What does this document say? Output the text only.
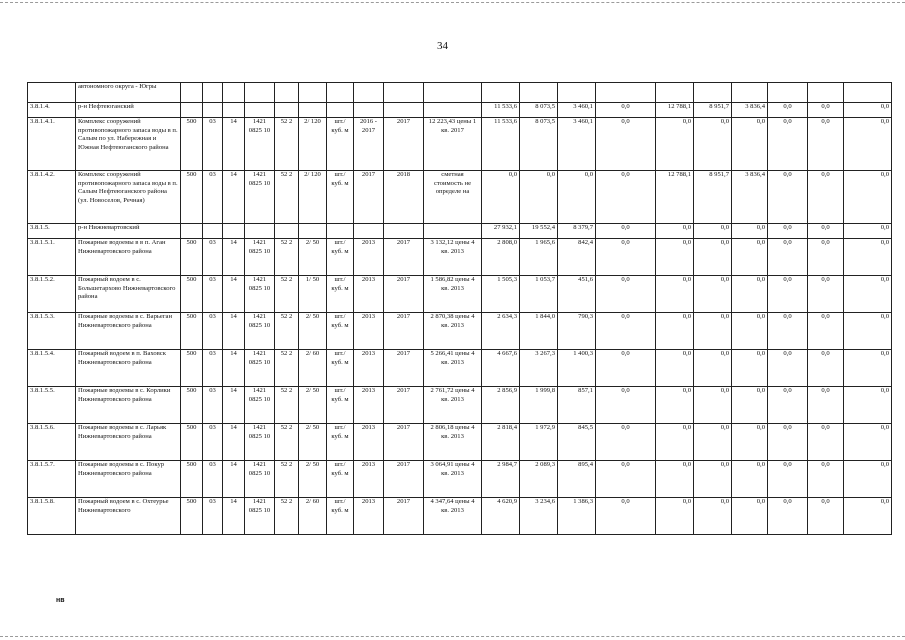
34
	автономного округа - Югры																				
3.8.1.4.	р-н Нефтеюганский											11 533,6	8 073,5	3 460,1	0,0	12 788,1	8 951,7	3 836,4	0,0	0,0	0,0
3.8.1.4.1.	Комплекс сооружений противопожарного запаса воды в п. Салым по ул. Набережная и Южная Нефтеюганского района	500	03	14	1421 0825 10	52 2	2/ 120	шт./ куб. м	2016 - 2017	2017	12 223,43 цены 1 кв. 2017	11 533,6	8 073,5	3 460,1	0,0	0,0	0,0	0,0	0,0	0,0	0,0
3.8.1.4.2.	Комплекс сооружений противопожарного запаса воды в п. Салым Нефтеюганского района (ул. Новоселов, Речная)	500	03	14	1421 0825 10	52 2	2/ 120	шт./ куб. м	2017	2018	сметная стоимость не определе на	0,0	0,0	0,0	0,0	12 788,1	8 951,7	3 836,4	0,0	0,0	0,0
3.8.1.5.	р-н Нижневартовский											27 932,1	19 552,4	8 379,7	0,0	0,0	0,0	0,0	0,0	0,0	0,0
3.8.1.5.1.	Пожарные водоемы в в п. Аган Нижневартовского района	500	03	14	1421 0825 10	52 2	2/ 50	шт./ куб. м	2013	2017	3 132,12 цены 4 кв. 2013	2 808,0	1 965,6	842,4	0,0	0,0	0,0	0,0	0,0	0,0	0,0
3.8.1.5.2.	Пожарный водоем в с. Большетархово Нижневартовского района	500	03	14	1421 0825 10	52 2	1/ 50	шт./ куб. м	2013	2017	1 586,82 цены 4 кв. 2013	1 505,3	1 053,7	451,6	0,0	0,0	0,0	0,0	0,0	0,0	0,0
3.8.1.5.3.	Пожарные водоемы в с. Варьеган Нижневартовского района	500	03	14	1421 0825 10	52 2	2/ 50	шт./ куб. м	2013	2017	2 870,38 цены 4 кв. 2013	2 634,3	1 844,0	790,3	0,0	0,0	0,0	0,0	0,0	0,0	0,0
3.8.1.5.4.	Пожарный водоем в п. Ваховск Нижневартовского района	500	03	14	1421 0825 10	52 2	2/ 60	шт./ куб. м	2013	2017	5 266,41 цены 4 кв. 2013	4 667,6	3 267,3	1 400,3	0,0	0,0	0,0	0,0	0,0	0,0	0,0
3.8.1.5.5.	Пожарные водоемы в с. Корлики Нижневартовского района	500	03	14	1421 0825 10	52 2	2/ 50	шт./ куб. м	2013	2017	2 761,72 цены 4 кв. 2013	2 856,9	1 999,8	857,1	0,0	0,0	0,0	0,0	0,0	0,0	0,0
3.8.1.5.6.	Пожарные водоемы в с. Ларьяк Нижневартовского района	500	03	14	1421 0825 10	52 2	2/ 50	шт./ куб. м	2013	2017	2 806,18 цены 4 кв. 2013	2 818,4	1 972,9	845,5	0,0	0,0	0,0	0,0	0,0	0,0	0,0
3.8.1.5.7.	Пожарные водоемы в с. Покур Нижневартовского района	500	03	14	1421 0825 10	52 2	2/ 50	шт./ куб. м	2013	2017	3 064,91 цены 4 кв. 2013	2 984,7	2 089,3	895,4	0,0	0,0	0,0	0,0	0,0	0,0	0,0
3.8.1.5.8.	Пожарный водоем в с. Охтеурье Нижневартовского	500	03	14	1421 0825 10	52 2	2/ 60	шт./ куб. м	2013	2017	4 347,64 цены 4 кв. 2013	4 620,9	3 234,6	1 386,3	0,0	0,0	0,0	0,0	0,0	0,0	0,0
нв
